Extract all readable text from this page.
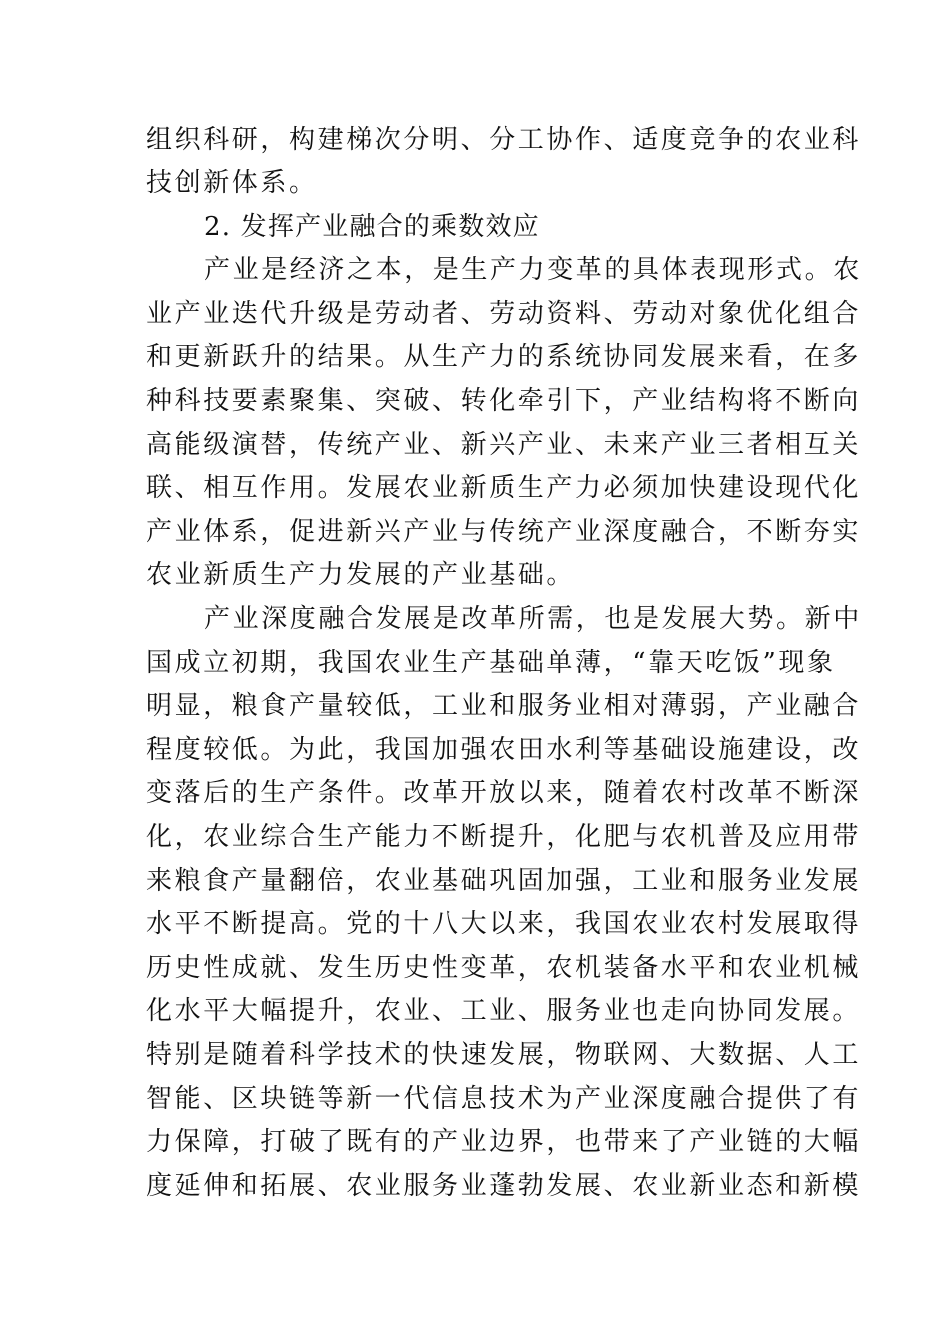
组织科研，构建梯次分明、分工协作、适度竞争的农业科
技创新体系。
2. 发挥产业融合的乘数效应
产业是经济之本，是生产力变革的具体表现形式。农
业产业迭代升级是劳动者、劳动资料、劳动对象优化组合
和更新跃升的结果。从生产力的系统协同发展来看，在多
种科技要素聚集、突破、转化牵引下，产业结构将不断向
高能级演替，传统产业、新兴产业、未来产业三者相互关
联、相互作用。发展农业新质生产力必须加快建设现代化
产业体系，促进新兴产业与传统产业深度融合，不断夯实
农业新质生产力发展的产业基础。
产业深度融合发展是改革所需，也是发展大势。新中
国成立初期，我国农业生产基础单薄，“靠天吃饭”现象
明显，粮食产量较低，工业和服务业相对薄弱，产业融合
程度较低。为此，我国加强农田水利等基础设施建设，改
变落后的生产条件。改革开放以来，随着农村改革不断深
化，农业综合生产能力不断提升，化肥与农机普及应用带
来粮食产量翻倍，农业基础巩固加强，工业和服务业发展
水平不断提高。党的十八大以来，我国农业农村发展取得
历史性成就、发生历史性变革，农机装备水平和农业机械
化水平大幅提升，农业、工业、服务业也走向协同发展。
特别是随着科学技术的快速发展，物联网、大数据、人工
智能、区块链等新一代信息技术为产业深度融合提供了有
力保障，打破了既有的产业边界，也带来了产业链的大幅
度延伸和拓展、农业服务业蓬勃发展、农业新业态和新模
